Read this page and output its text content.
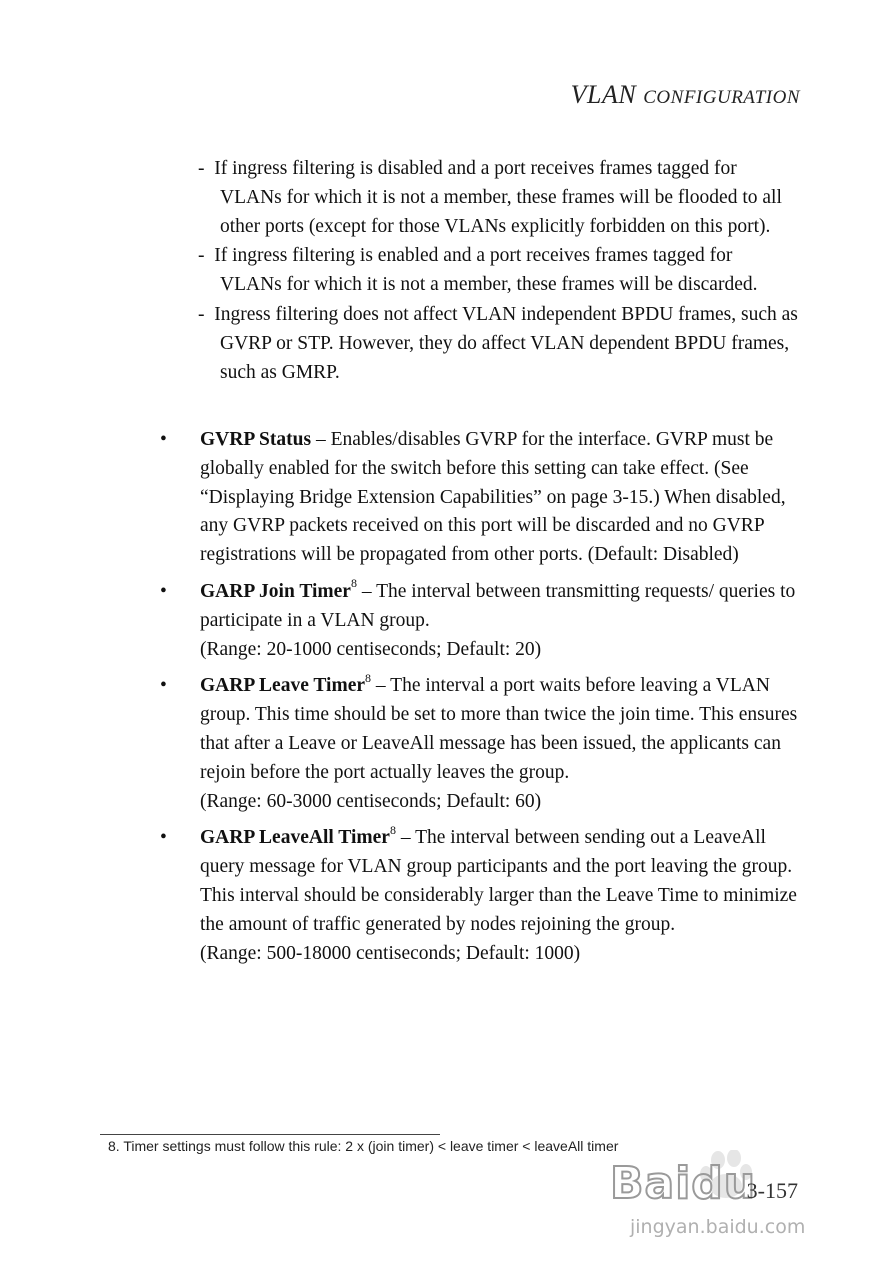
VLAN CONFIGURATION
- If ingress filtering is disabled and a port receives frames tagged for VLANs for which it is not a member, these frames will be flooded to all other ports (except for those VLANs explicitly forbidden on this port).
- If ingress filtering is enabled and a port receives frames tagged for VLANs for which it is not a member, these frames will be discarded.
- Ingress filtering does not affect VLAN independent BPDU frames, such as GVRP or STP. However, they do affect VLAN dependent BPDU frames, such as GMRP.
• GVRP Status – Enables/disables GVRP for the interface. GVRP must be globally enabled for the switch before this setting can take effect. (See “Displaying Bridge Extension Capabilities” on page 3-15.) When disabled, any GVRP packets received on this port will be discarded and no GVRP registrations will be propagated from other ports. (Default: Disabled)
• GARP Join Timer$^8$ – The interval between transmitting requests/ queries to participate in a VLAN group.
(Range: 20-1000 centiseconds; Default: 20)
• GARP Leave Timer$^8$ – The interval a port waits before leaving a VLAN group. This time should be set to more than twice the join time. This ensures that after a Leave or LeaveAll message has been issued, the applicants can rejoin before the port actually leaves the group.
(Range: 60-3000 centiseconds; Default: 60)
• GARP LeaveAll Timer$^8$ – The interval between sending out a LeaveAll query message for VLAN group participants and the port leaving the group. This interval should be considerably larger than the Leave Time to minimize the amount of traffic generated by nodes rejoining the group.
(Range: 500-18000 centiseconds; Default: 1000)
8. Timer settings must follow this rule: 2 x (join timer) < leave timer < leaveAll timer
Baidu
3-157
jingyan.baidu.com
